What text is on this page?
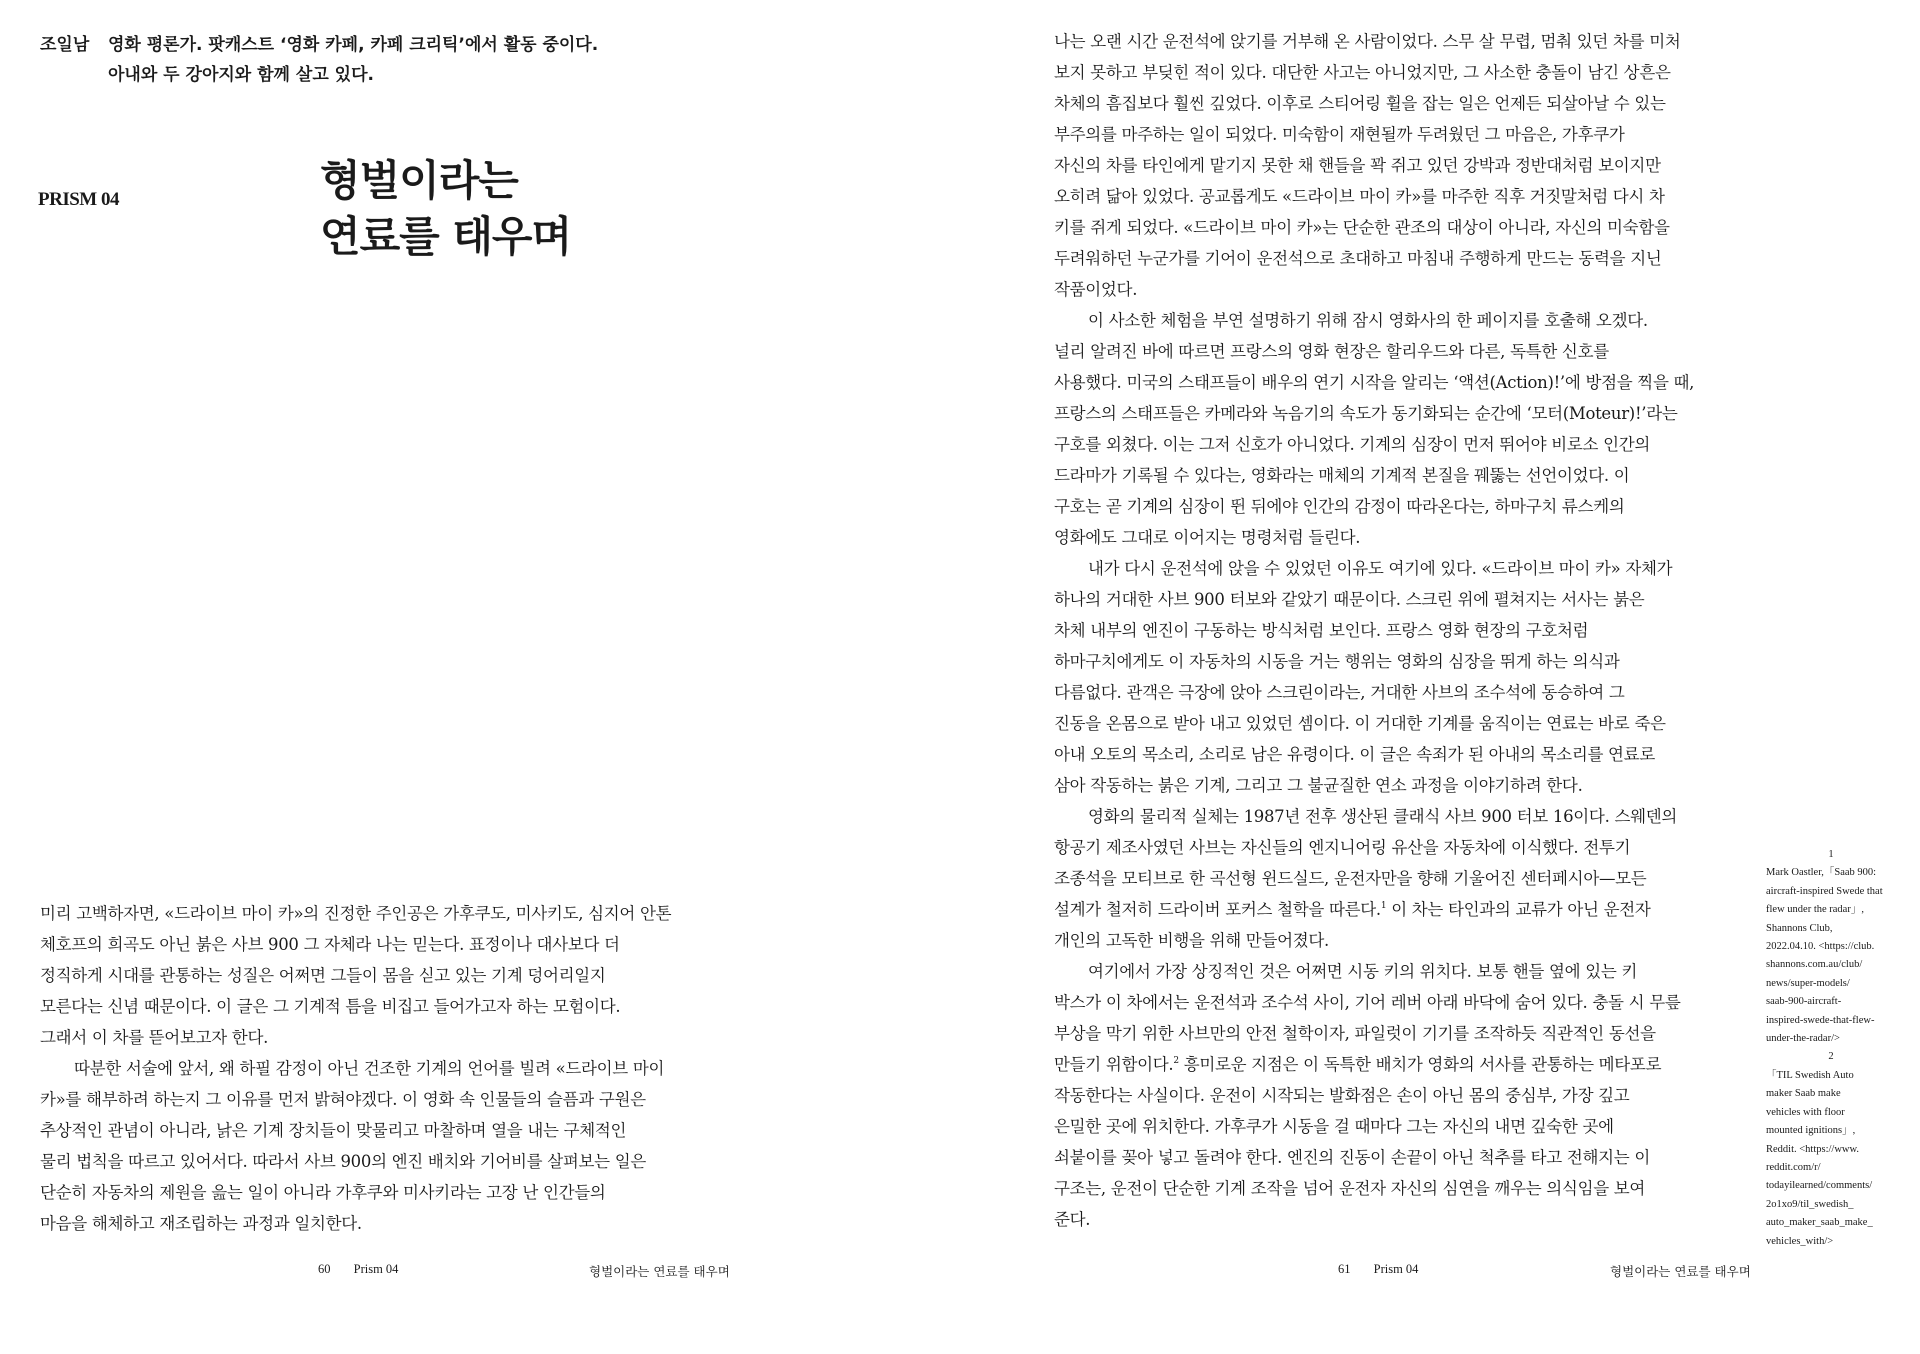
조일남 영화 평론가. 팟캐스트 ‘영화 카페, 카페 크리틱’에서 활동 중이다.
아내와 두 강아지와 함께 살고 있다.
PRISM 04	형벌이라는
연료를 태우며
미리 고백하자면, «드라이브 마이 카»의 진정한 주인공은 가후쿠도, 미사키도, 심지어 안톤
체호프의 희곡도 아닌 붉은 사브 900 그 자체라 나는 믿는다. 표정이나 대사보다 더
정직하게 시대를 관통하는 성질은 어쩌면 그들이 몸을 싣고 있는 기계 덩어리일지
모른다는 신념 때문이다. 이 글은 그 기계적 틈을 비집고 들어가고자 하는 모험이다.
그래서 이 차를 뜯어보고자 한다.
따분한 서술에 앞서, 왜 하필 감정이 아닌 건조한 기계의 언어를 빌려 «드라이브 마이
카»를 해부하려 하는지 그 이유를 먼저 밝혀야겠다. 이 영화 속 인물들의 슬픔과 구원은
추상적인 관념이 아니라, 낡은 기계 장치들이 맞물리고 마찰하며 열을 내는 구체적인
물리 법칙을 따르고 있어서다. 따라서 사브 900의 엔진 배치와 기어비를 살펴보는 일은
단순히 자동차의 제원을 읊는 일이 아니라 가후쿠와 미사키라는 고장 난 인간들의
마음을 해체하고 재조립하는 과정과 일치한다.
60 Prism 04	형벌이라는 연료를 태우며
나는 오랜 시간 운전석에 앉기를 거부해 온 사람이었다. 스무 살 무렵, 멈춰 있던 차를 미처
보지 못하고 부딪힌 적이 있다. 대단한 사고는 아니었지만, 그 사소한 충돌이 남긴 상흔은
차체의 흠집보다 훨씬 깊었다. 이후로 스티어링 휠을 잡는 일은 언제든 되살아날 수 있는
부주의를 마주하는 일이 되었다. 미숙함이 재현될까 두려웠던 그 마음은, 가후쿠가
자신의 차를 타인에게 맡기지 못한 채 핸들을 꽉 쥐고 있던 강박과 정반대처럼 보이지만
오히려 닮아 있었다. 공교롭게도 «드라이브 마이 카»를 마주한 직후 거짓말처럼 다시 차
키를 쥐게 되었다. «드라이브 마이 카»는 단순한 관조의 대상이 아니라, 자신의 미숙함을
두려워하던 누군가를 기어이 운전석으로 초대하고 마침내 주행하게 만드는 동력을 지닌
작품이었다.
이 사소한 체험을 부연 설명하기 위해 잠시 영화사의 한 페이지를 호출해 오겠다.
널리 알려진 바에 따르면 프랑스의 영화 현장은 할리우드와 다른, 독특한 신호를
사용했다. 미국의 스태프들이 배우의 연기 시작을 알리는 ‘액션(Action)!’에 방점을 찍을 때,
프랑스의 스태프들은 카메라와 녹음기의 속도가 동기화되는 순간에 ‘모터(Moteur)!’라는
구호를 외쳤다. 이는 그저 신호가 아니었다. 기계의 심장이 먼저 뛰어야 비로소 인간의
드라마가 기록될 수 있다는, 영화라는 매체의 기계적 본질을 꿰뚫는 선언이었다. 이
구호는 곧 기계의 심장이 뛴 뒤에야 인간의 감정이 따라온다는, 하마구치 류스케의
영화에도 그대로 이어지는 명령처럼 들린다.
내가 다시 운전석에 앉을 수 있었던 이유도 여기에 있다. «드라이브 마이 카» 자체가
하나의 거대한 사브 900 터보와 같았기 때문이다. 스크린 위에 펼쳐지는 서사는 붉은
차체 내부의 엔진이 구동하는 방식처럼 보인다. 프랑스 영화 현장의 구호처럼
하마구치에게도 이 자동차의 시동을 거는 행위는 영화의 심장을 뛰게 하는 의식과
다름없다. 관객은 극장에 앉아 스크린이라는, 거대한 사브의 조수석에 동승하여 그
진동을 온몸으로 받아 내고 있었던 셈이다. 이 거대한 기계를 움직이는 연료는 바로 죽은
아내 오토의 목소리, 소리로 남은 유령이다. 이 글은 속죄가 된 아내의 목소리를 연료로
삼아 작동하는 붉은 기계, 그리고 그 불균질한 연소 과정을 이야기하려 한다.
영화의 물리적 실체는 1987년 전후 생산된 클래식 사브 900 터보 16이다. 스웨덴의
항공기 제조사였던 사브는 자신들의 엔지니어링 유산을 자동차에 이식했다. 전투기
조종석을 모티브로 한 곡선형 윈드실드, 운전자만을 향해 기울어진 센터페시아—모든
설계가 철저히 드라이버 포커스 철학을 따른다.$^1$ 이 차는 타인과의 교류가 아닌 운전자
개인의 고독한 비행을 위해 만들어졌다.
여기에서 가장 상징적인 것은 어쩌면 시동 키의 위치다. 보통 핸들 옆에 있는 키
박스가 이 차에서는 운전석과 조수석 사이, 기어 레버 아래 바닥에 숨어 있다. 충돌 시 무릎
부상을 막기 위한 사브만의 안전 철학이자, 파일럿이 기기를 조작하듯 직관적인 동선을
만들기 위함이다.$^2$ 흥미로운 지점은 이 독특한 배치가 영화의 서사를 관통하는 메타포로
작동한다는 사실이다. 운전이 시작되는 발화점은 손이 아닌 몸의 중심부, 가장 깊고
은밀한 곳에 위치한다. 가후쿠가 시동을 걸 때마다 그는 자신의 내면 깊숙한 곳에
쇠붙이를 꽂아 넣고 돌려야 한다. 엔진의 진동이 손끝이 아닌 척추를 타고 전해지는 이
구조는, 운전이 단순한 기계 조작을 넘어 운전자 자신의 심연을 깨우는 의식임을 보여
준다.
1
Mark Oastler,「Saab 900:
aircraft-inspired Swede that
flew under the radar」,
Shannons Club,
2022.04.10. <https://club.
shannons.com.au/club/
news/super-models/
saab-900-aircraft-
inspired-swede-that-flew-
under-the-radar/>
2
「TIL Swedish Auto
maker Saab make
vehicles with floor
mounted ignitions」,
Reddit. <https://www.
reddit.com/r/
todayilearned/comments/
2o1xo9/til_swedish_
auto_maker_saab_make_
vehicles_with/>
61 Prism 04	형벌이라는 연료를 태우며
